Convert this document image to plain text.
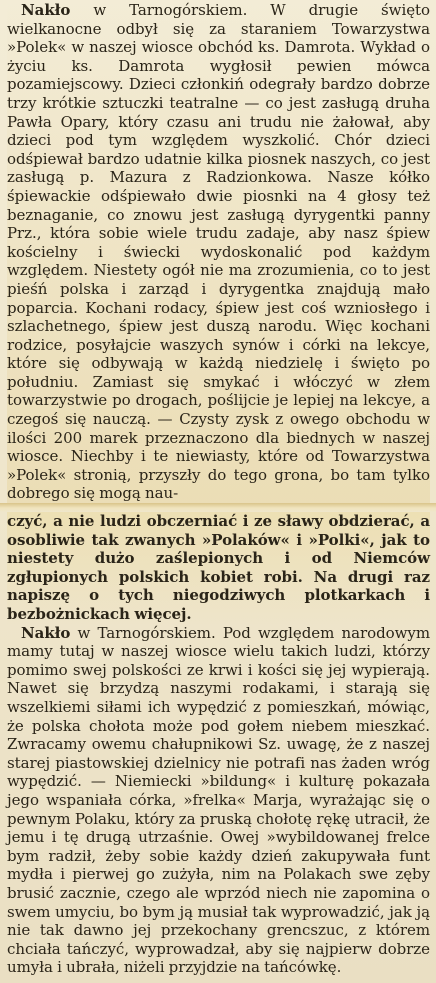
Nakło w Tarnogórskiem. W drugie święto wielkanocne odbył się za staraniem Towarzystwa »Polek« w naszej wiosce obchód ks. Damrota. Wykład o życiu ks. Damrota wygłosił pewien mówca pozamiejscowy. Dzieci członkiń odegrały bardzo dobrze trzy krótkie sztuczki teatralne — co jest zasługą druha Pawła Opary, który czasu ani trudu nie żałował, aby dzieci pod tym względem wyszkolić. Chór dzieci odśpiewał bardzo udatnie kilka piosnek naszych, co jest zasługą p. Mazura z Radzionkowa. Nasze kółko śpiewackie odśpiewało dwie piosnki na 4 głosy też beznaganie, co znowu jest zasługą dyrygentki panny Prz., która sobie wiele trudu zadaje, aby nasz śpiew kościelny i świecki wydoskonalić pod każdym względem. Niestety ogół nie ma zrozumienia, co to jest pieśń polska i zarząd i dyrygentka znajdują mało poparcia. Kochani rodacy, śpiew jest coś wzniosłego i szlachetnego, śpiew jest duszą narodu. Więc kochani rodzice, posyłajcie waszych synów i córki na lekcye, które się odbywają w każdą niedzielę i święto po południu. Zamiast się smykać i włóczyć w złem towarzystwie po drogach, poślijcie je lepiej na lekcye, a czegoś się nauczą. — Czysty zysk z owego obchodu w ilości 200 marek przeznaczono dla biednych w naszej wiosce. Niechby i te niewiasty, które od Towarzystwa »Polek« stronią, przyszły do tego grona, bo tam tylko dobrego się mogą nau-

czyć, a nie ludzi obczerniać i ze sławy obdzierać, a osobliwie tak zwanych »Polaków« i »Polki«, jak to niestety dużo zaślepionych i od Niemców zgłupionych polskich kobiet robi. Na drugi raz napiszę o tych niegodziwych plotkarkach i bezbożnickach więcej.

Nakło w Tarnogórskiem. Pod względem narodowym mamy tutaj w naszej wiosce wielu takich ludzi, którzy pomimo swej polskości ze krwi i kości się jej wypierają. Nawet się brzydzą naszymi rodakami, i starają się wszelkiemi siłami ich wypędzić z pomieszkań, mówiąc, że polska chołota może pod gołem niebem mieszkać. Zwracamy owemu chałupnikowi Sz. uwagę, że z naszej starej piastowskiej dzielnicy nie potrafi nas żaden wróg wypędzić. — Niemiecki »bildung« i kulturę pokazała jego wspaniała córka, »frelka« Marja, wyrażając się o pewnym Polaku, który za pruską chołotę rękę utracił, że jemu i tę drugą utrzaśnie. Owej »wybildowanej frelce bym radził, żeby sobie każdy dzień zakupywała funt mydła i pierwej go zużyła, nim na Polakach swe zęby brusić zacznie, czego ale wprzód niech nie zapomina o swem umyciu, bo bym ją musiał tak wyprowadzić, jak ją nie tak dawno jej przekochany grencszuc, z którem chciała tańczyć, wyprowadzał, aby się najpierw dobrze umyła i ubrała, niżeli przyjdzie na tańcówkę.
